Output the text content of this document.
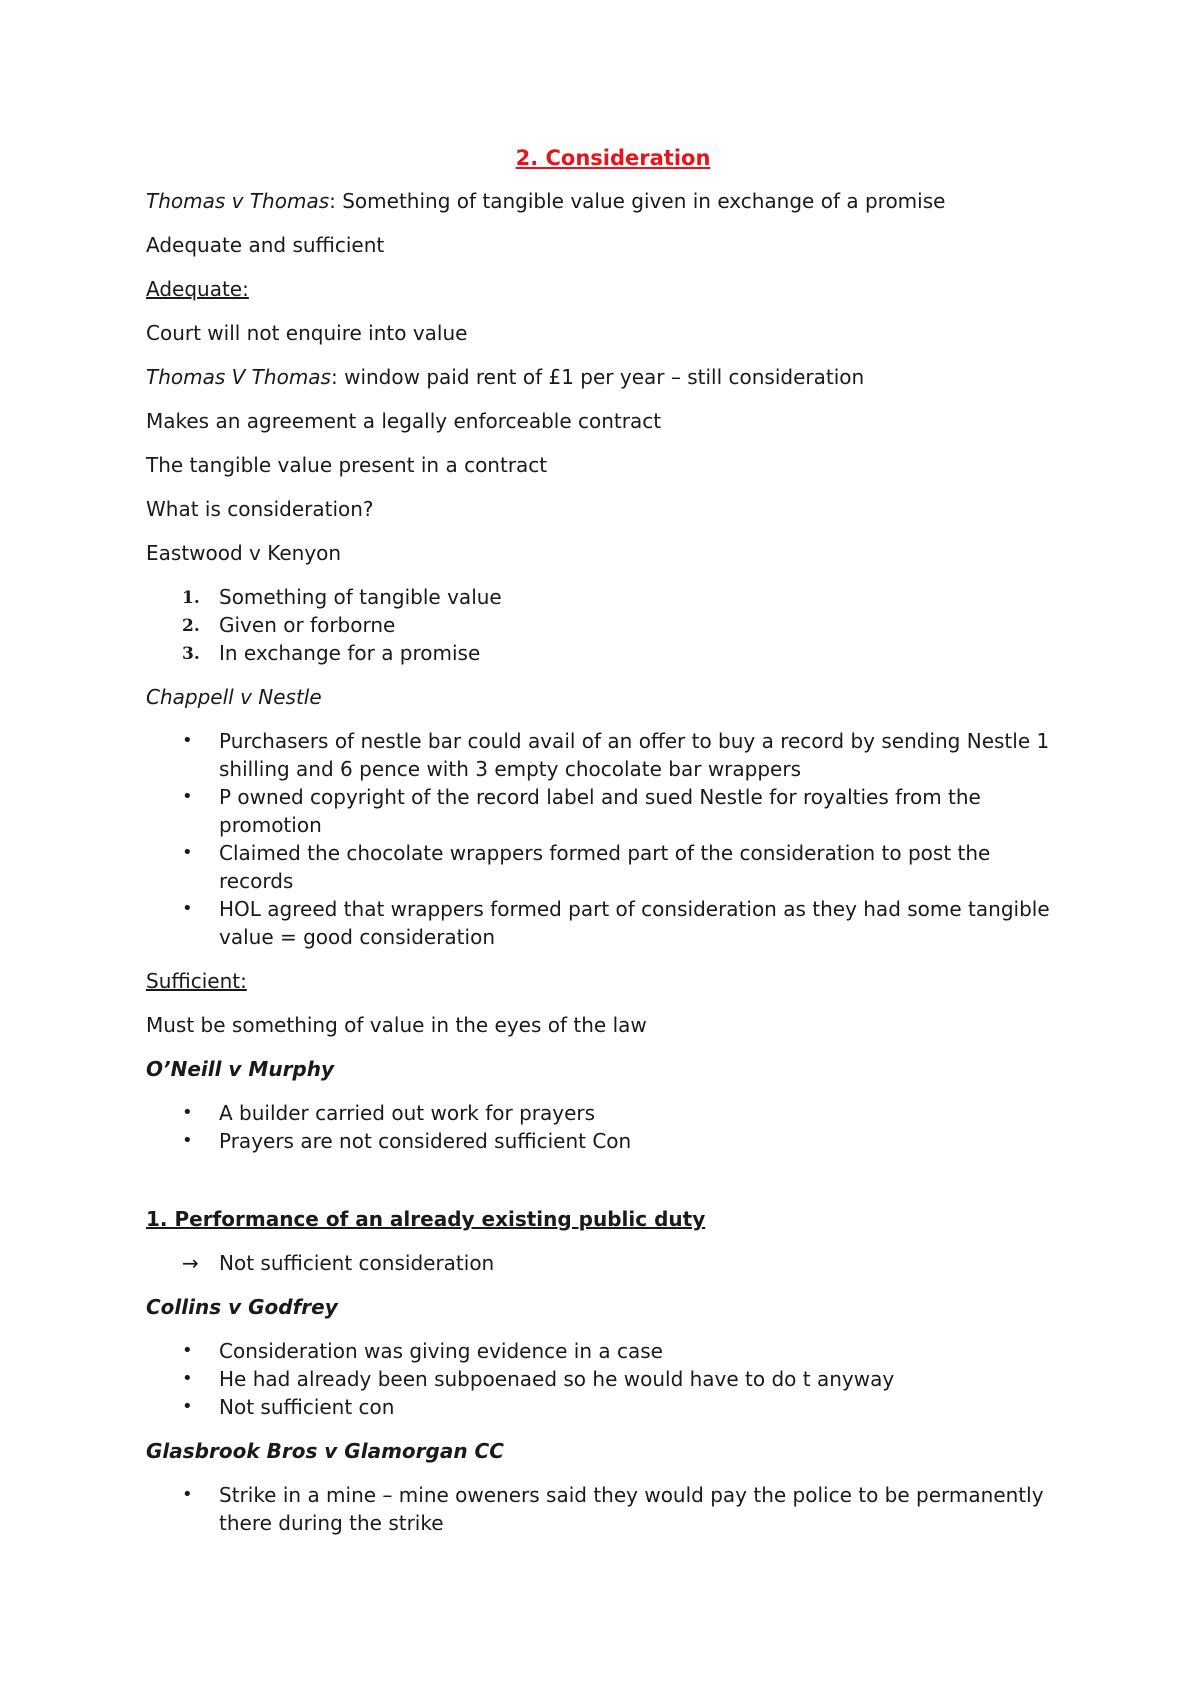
2. Consideration

Thomas v Thomas: Something of tangible value given in exchange of a promise

Adequate and sufficient

Adequate:

Court will not enquire into value

Thomas V Thomas: window paid rent of £1 per year – still consideration

Makes an agreement a legally enforceable contract

The tangible value present in a contract

What is consideration?

Eastwood v Kenyon

1. Something of tangible value
2. Given or forborne
3. In exchange for a promise

Chappell v Nestle

• Purchasers of nestle bar could avail of an offer to buy a record by sending Nestle 1 shilling and 6 pence with 3 empty chocolate bar wrappers
• P owned copyright of the record label and sued Nestle for royalties from the promotion
• Claimed the chocolate wrappers formed part of the consideration to post the records
• HOL agreed that wrappers formed part of consideration as they had some tangible value = good consideration

Sufficient:

Must be something of value in the eyes of the law

O’Neill v Murphy

• A builder carried out work for prayers
• Prayers are not considered sufficient Con

1. Performance of an already existing public duty

→ Not sufficient consideration

Collins v Godfrey

• Consideration was giving evidence in a case
• He had already been subpoenaed so he would have to do t anyway
• Not sufficient con

Glasbrook Bros v Glamorgan CC

• Strike in a mine – mine oweners said they would pay the police to be permanently there during the strike
